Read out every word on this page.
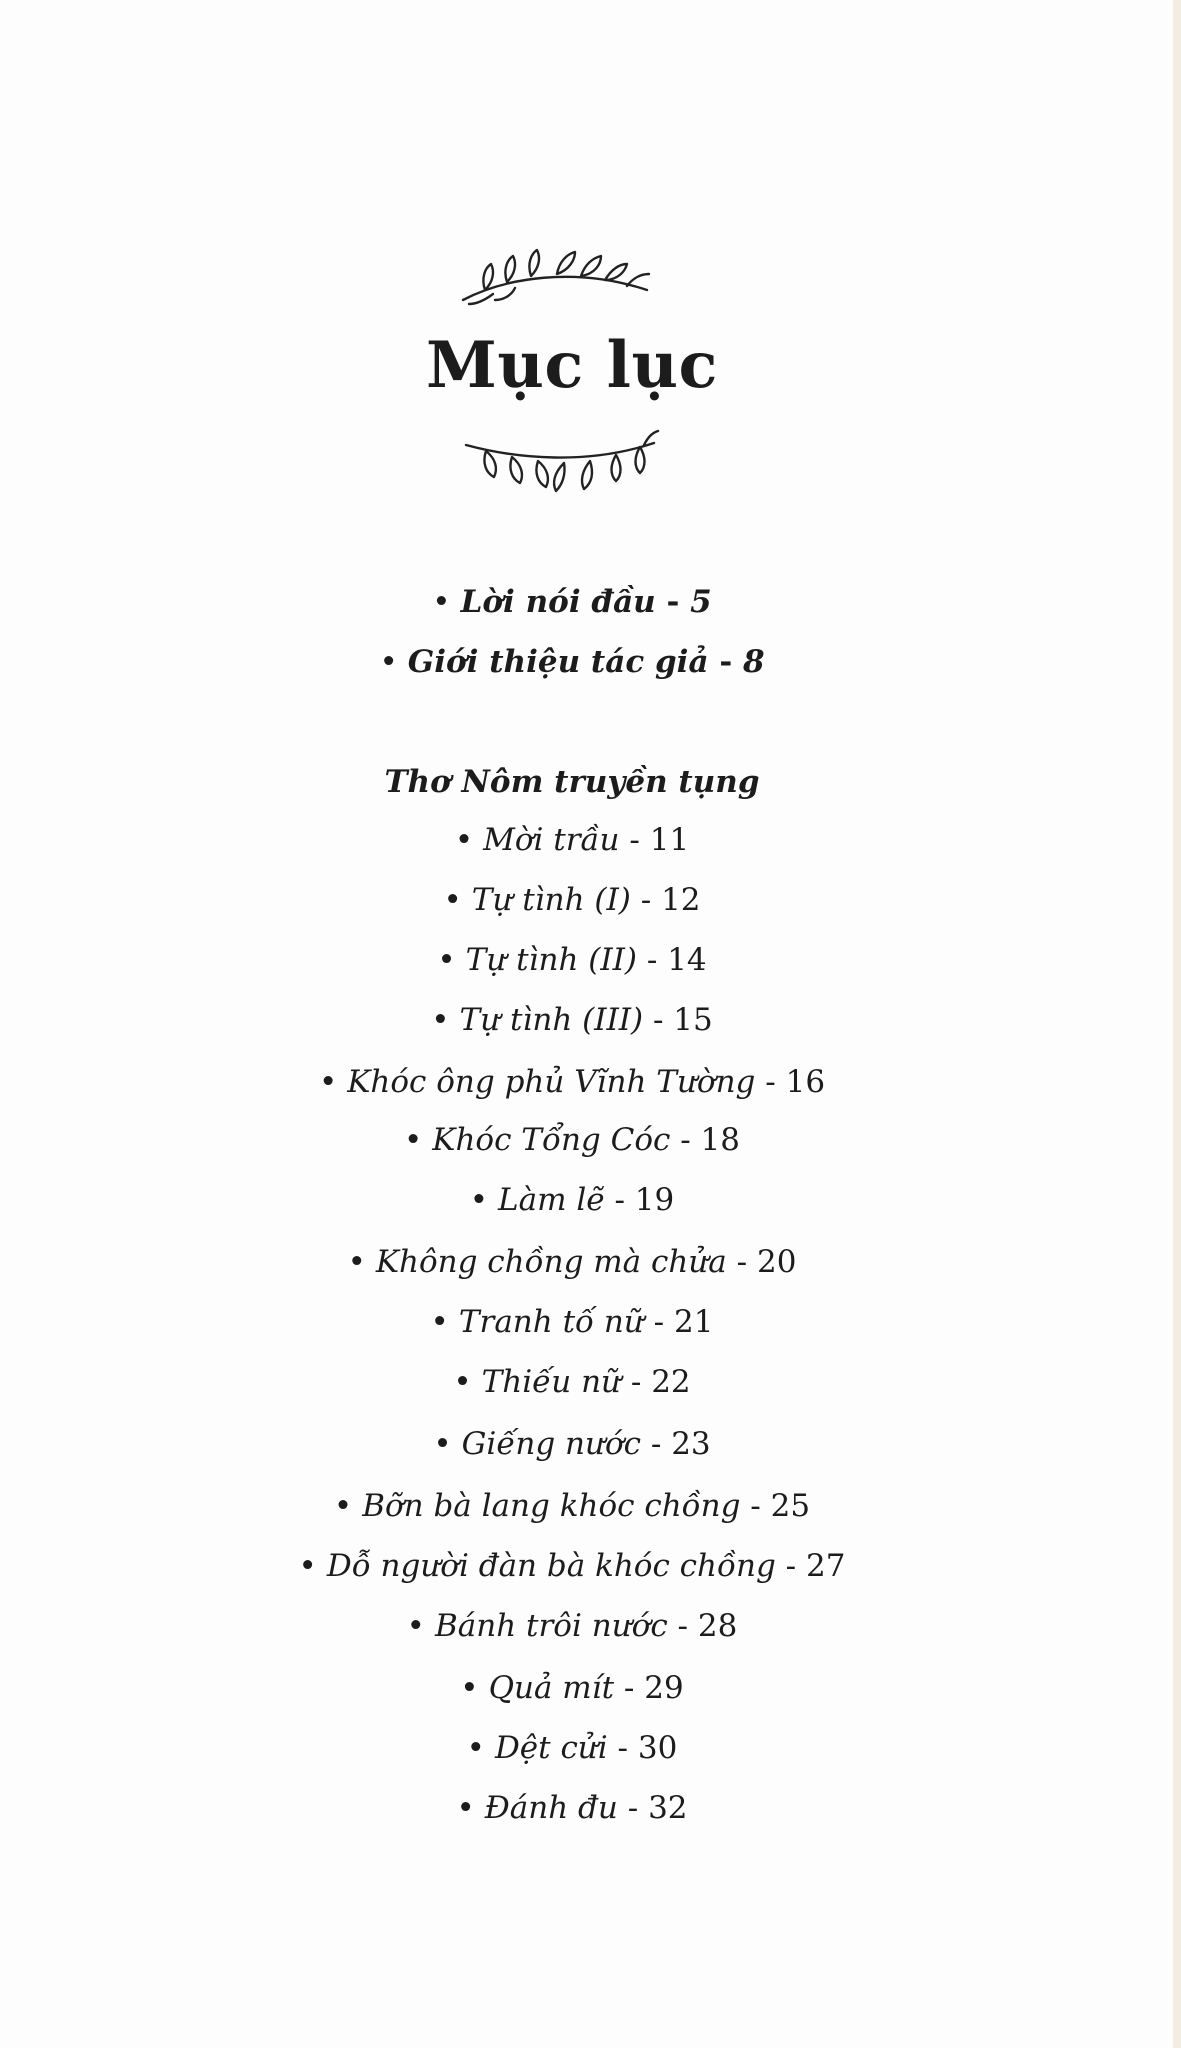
Mục lục
• Lời nói đầu - 5
• Giới thiệu tác giả - 8
Thơ Nôm truyền tụng
• Mời trầu - 11
• Tự tình (I) - 12
• Tự tình (II) - 14
• Tự tình (III) - 15
• Khóc ông phủ Vĩnh Tường - 16
• Khóc Tổng Cóc - 18
• Làm lẽ - 19
• Không chồng mà chửa - 20
• Tranh tố nữ - 21
• Thiếu nữ - 22
• Giếng nước - 23
• Bỡn bà lang khóc chồng - 25
• Dỗ người đàn bà khóc chồng - 27
• Bánh trôi nước - 28
• Quả mít - 29
• Dệt cửi - 30
• Đánh đu - 32
